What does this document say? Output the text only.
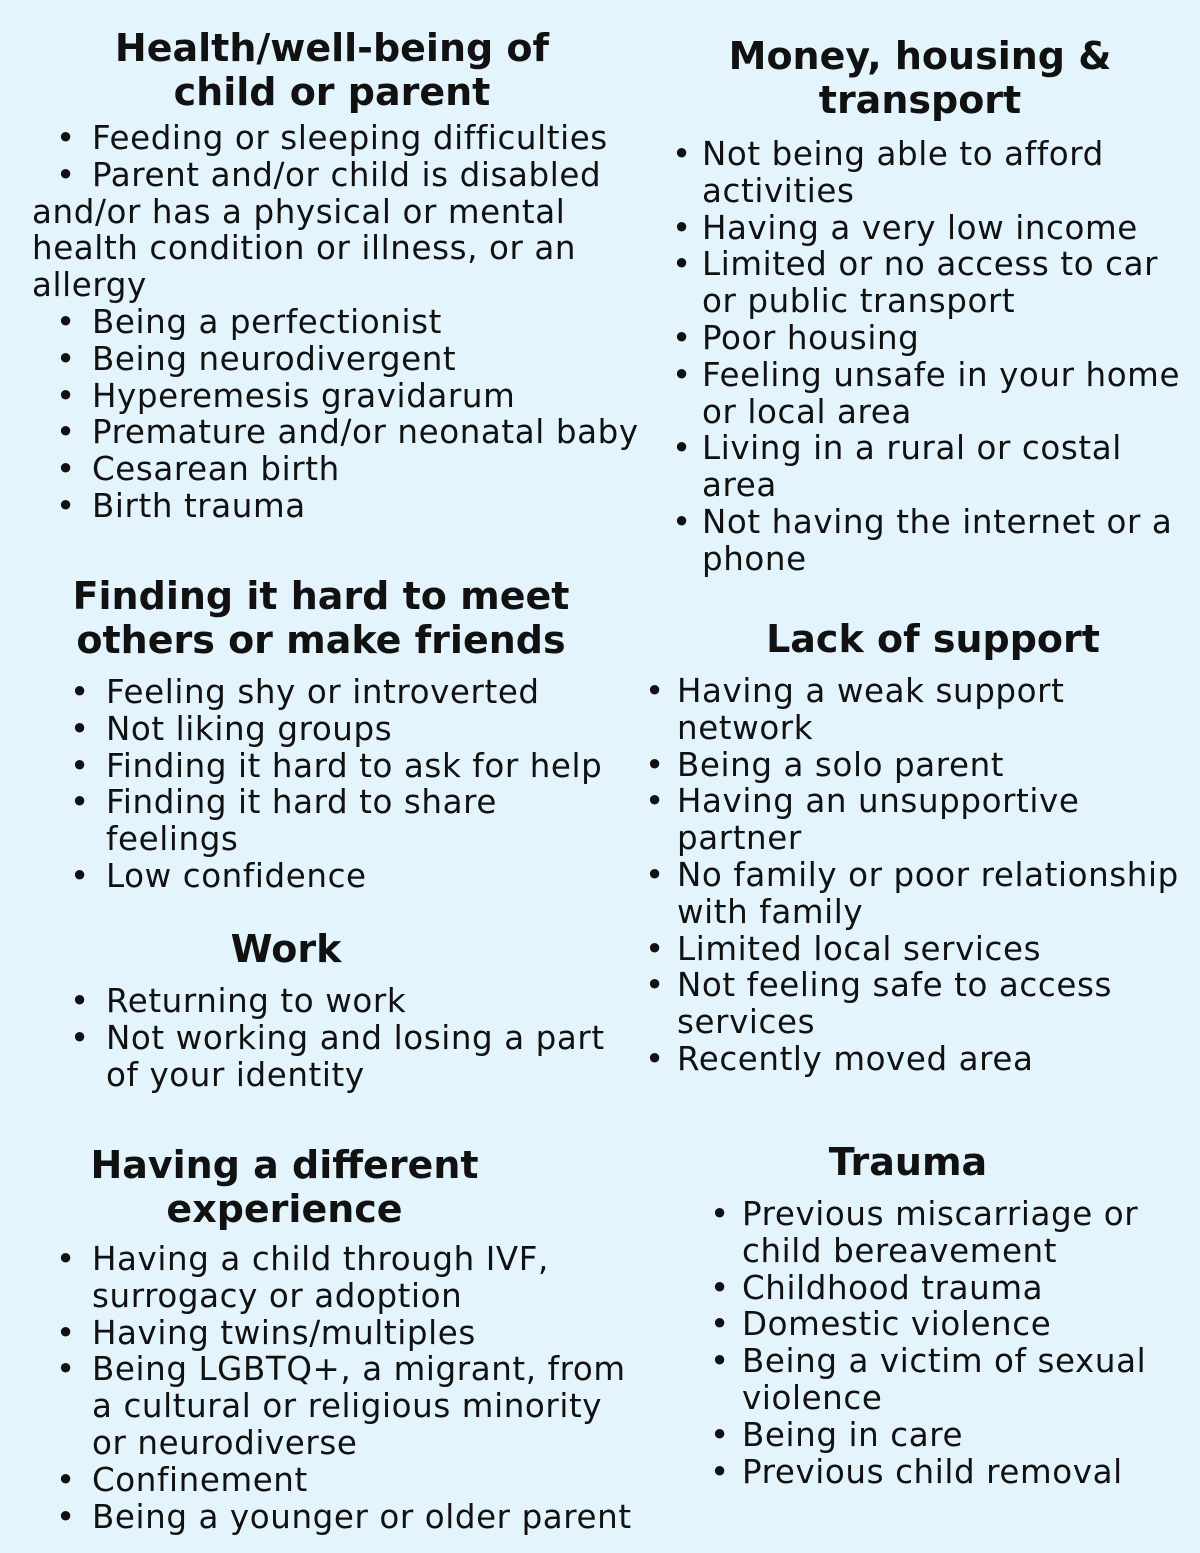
Health/well-being of
child or parent
• Feeding or sleeping difficulties
• Parent and/or child is disabled
and/or has a physical or mental
health condition or illness, or an
allergy
• Being a perfectionist
• Being neurodivergent
• Hyperemesis gravidarum
• Premature and/or neonatal baby
• Cesarean birth
• Birth trauma
Money, housing &
transport
• Not being able to afford
activities
• Having a very low income
• Limited or no access to car
or public transport
• Poor housing
• Feeling unsafe in your home
or local area
• Living in a rural or costal
area
• Not having the internet or a
phone
Finding it hard to meet
others or make friends
• Feeling shy or introverted
• Not liking groups
• Finding it hard to ask for help
• Finding it hard to share
feelings
• Low confidence
Lack of support
• Having a weak support
network
• Being a solo parent
• Having an unsupportive
partner
• No family or poor relationship
with family
• Limited local services
• Not feeling safe to access
services
• Recently moved area
Work
• Returning to work
• Not working and losing a part
of your identity
Having a different
experience
• Having a child through IVF,
surrogacy or adoption
• Having twins/multiples
• Being LGBTQ+, a migrant, from
a cultural or religious minority
or neurodiverse
• Confinement
• Being a younger or older parent
Trauma
• Previous miscarriage or
child bereavement
• Childhood trauma
• Domestic violence
• Being a victim of sexual
violence
• Being in care
• Previous child removal
